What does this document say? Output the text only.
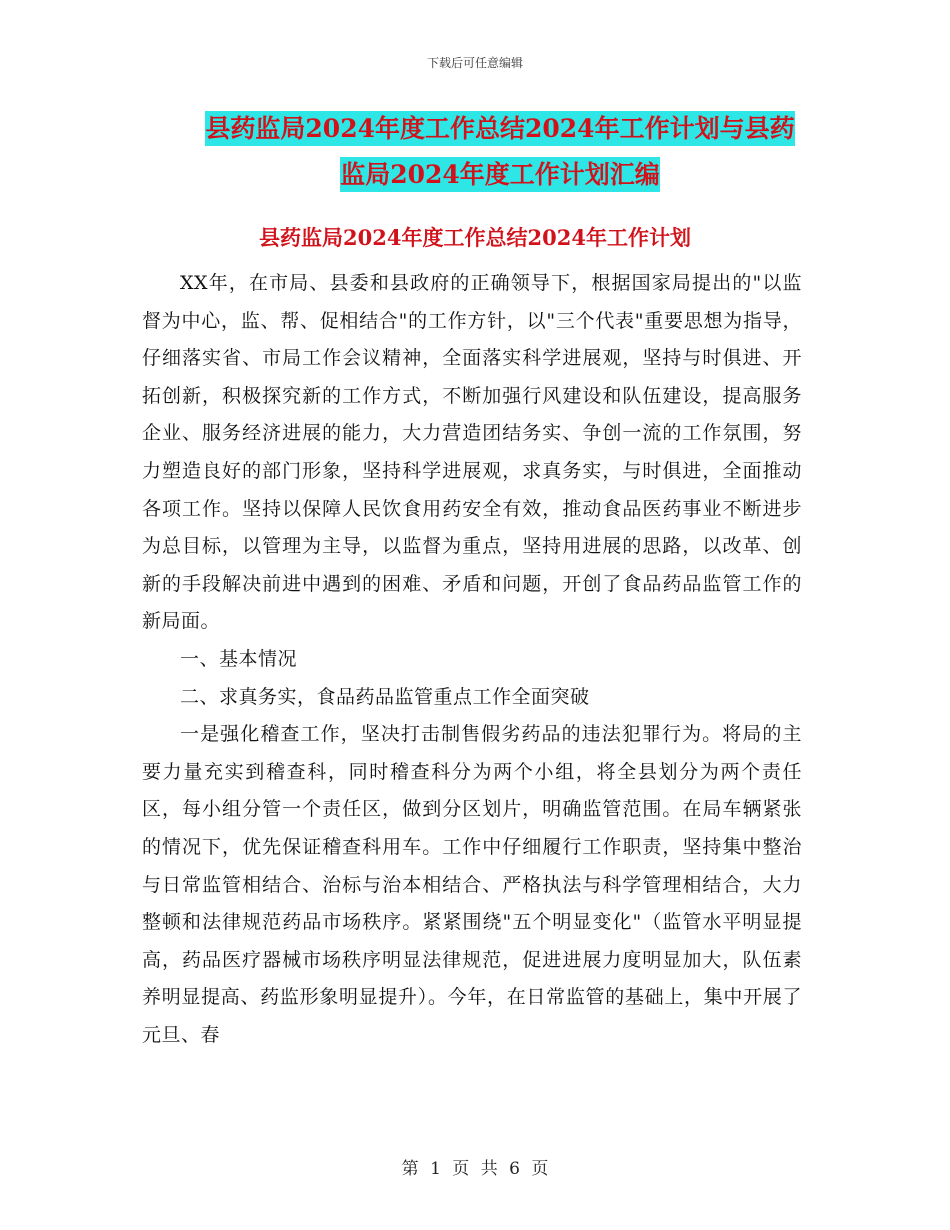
下载后可任意编辑
县药监局2024年度工作总结2024年工作计划与县药
监局2024年度工作计划汇编
县药监局2024年度工作总结2024年工作计划

XX年，在市局、县委和县政府的正确领导下，根据国家局提出的"以监督为中心，监、帮、促相结合"的工作方针，以"三个代表"重要思想为指导，仔细落实省、市局工作会议精神，全面落实科学进展观，坚持与时俱进、开拓创新，积极探究新的工作方式，不断加强行风建设和队伍建设，提高服务企业、服务经济进展的能力，大力营造团结务实、争创一流的工作氛围，努力塑造良好的部门形象，坚持科学进展观，求真务实，与时俱进，全面推动各项工作。坚持以保障人民饮食用药安全有效，推动食品医药事业不断进步为总目标，以管理为主导，以监督为重点，坚持用进展的思路，以改革、创新的手段解决前进中遇到的困难、矛盾和问题，开创了食品药品监管工作的新局面。

一、基本情况

二、求真务实，食品药品监管重点工作全面突破

一是强化稽查工作，坚决打击制售假劣药品的违法犯罪行为。将局的主要力量充实到稽查科，同时稽查科分为两个小组，将全县划分为两个责任区，每小组分管一个责任区，做到分区划片，明确监管范围。在局车辆紧张的情况下，优先保证稽查科用车。工作中仔细履行工作职责，坚持集中整治与日常监管相结合、治标与治本相结合、严格执法与科学管理相结合，大力整顿和法律规范药品市场秩序。紧紧围绕"五个明显变化"（监管水平明显提高，药品医疗器械市场秩序明显法律规范，促进进展力度明显加大，队伍素养明显提高、药监形象明显提升）。今年，在日常监管的基础上，集中开展了元旦、春

第 1 页 共 6 页
